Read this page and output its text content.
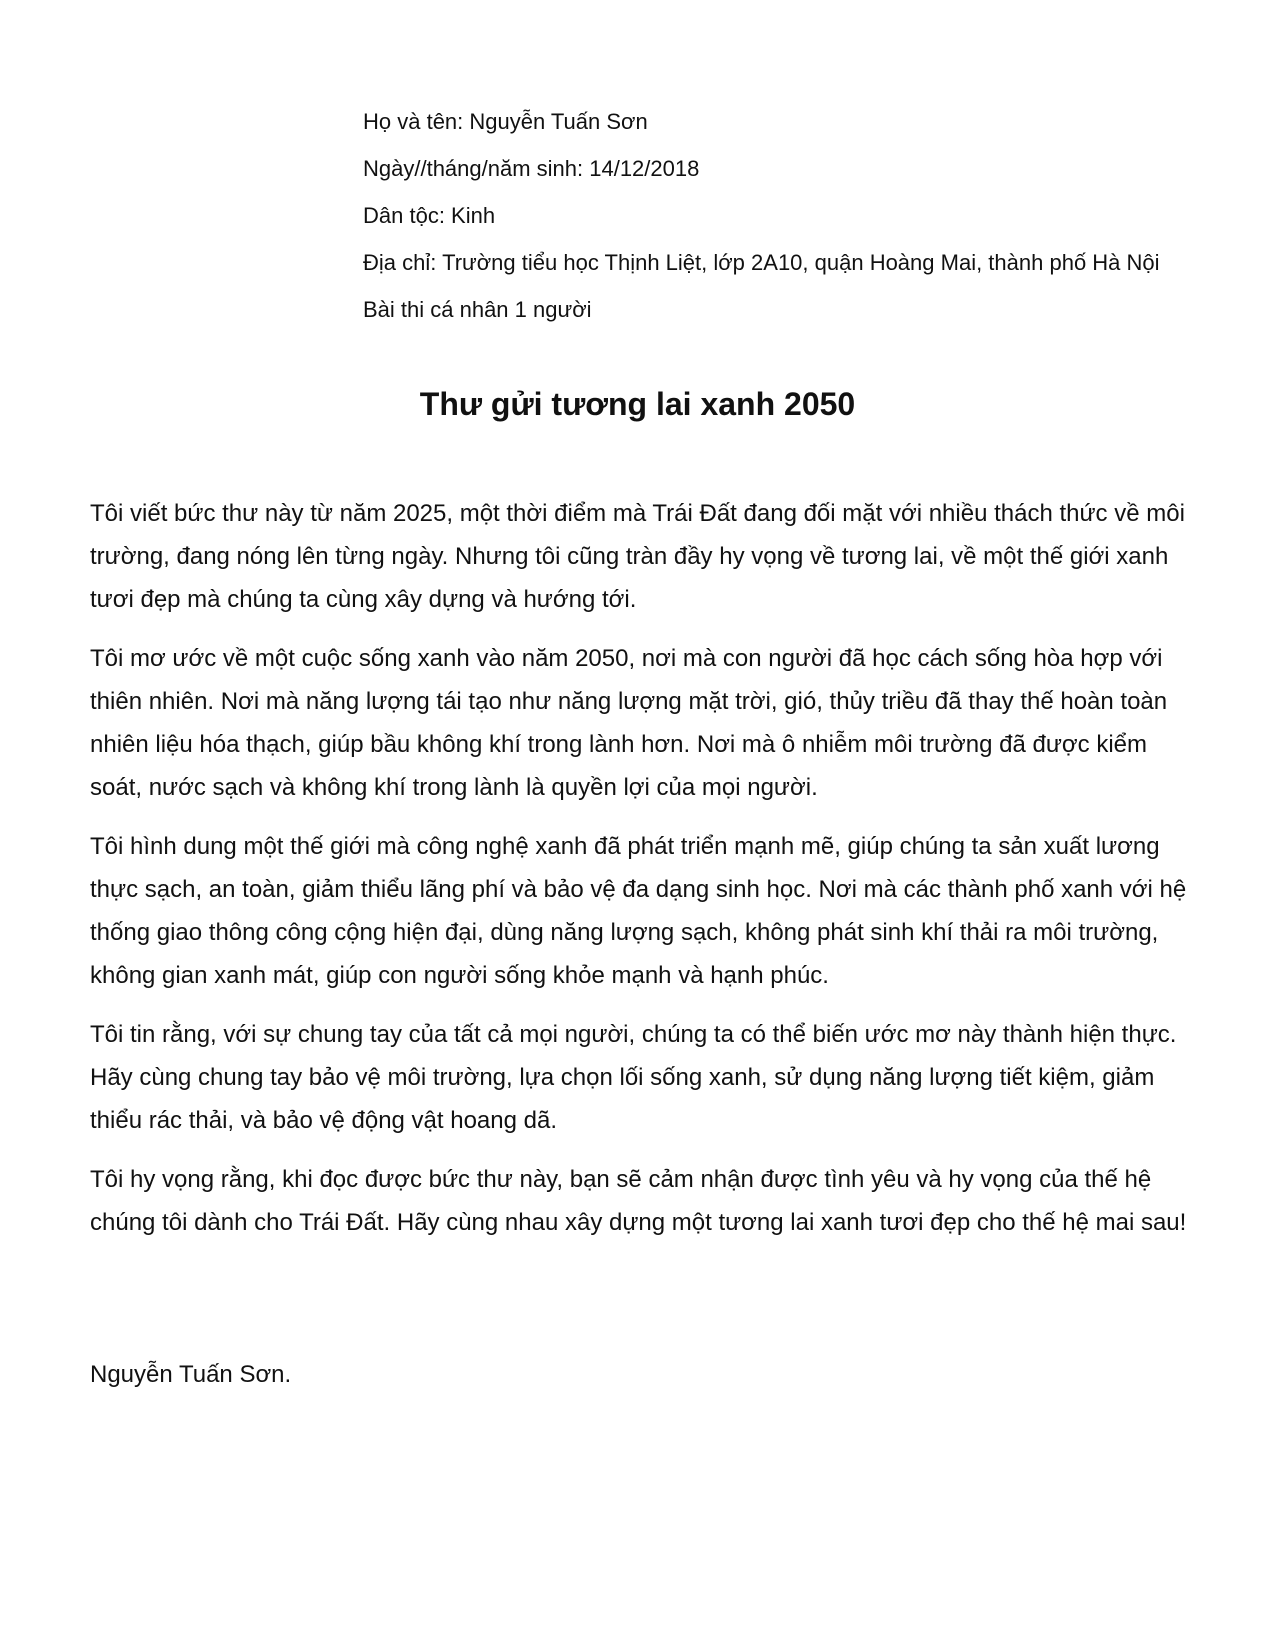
Họ và tên: Nguyễn Tuấn Sơn

Ngày//tháng/năm sinh: 14/12/2018

Dân tộc: Kinh

Địa chỉ: Trường tiểu học Thịnh Liệt, lớp 2A10, quận Hoàng Mai, thành phố Hà Nội

Bài thi cá nhân 1 người

Thư gửi tương lai xanh 2050

Tôi viết bức thư này từ năm 2025, một thời điểm mà Trái Đất đang đối mặt với nhiều thách thức về môi trường, đang nóng lên từng ngày. Nhưng tôi cũng tràn đầy hy vọng về tương lai, về một thế giới xanh tươi đẹp mà chúng ta cùng xây dựng và hướng tới.

Tôi mơ ước về một cuộc sống xanh vào năm 2050, nơi mà con người đã học cách sống hòa hợp với thiên nhiên. Nơi mà năng lượng tái tạo như năng lượng mặt trời, gió, thủy triều đã thay thế hoàn toàn nhiên liệu hóa thạch, giúp bầu không khí trong lành hơn. Nơi mà ô nhiễm môi trường đã được kiểm soát, nước sạch và không khí trong lành là quyền lợi của mọi người.

Tôi hình dung một thế giới mà công nghệ xanh đã phát triển mạnh mẽ, giúp chúng ta sản xuất lương thực sạch, an toàn, giảm thiểu lãng phí và bảo vệ đa dạng sinh học. Nơi mà các thành phố xanh với hệ thống giao thông công cộng hiện đại, dùng năng lượng sạch, không phát sinh khí thải ra môi trường, không gian xanh mát, giúp con người sống khỏe mạnh và hạnh phúc.

Tôi tin rằng, với sự chung tay của tất cả mọi người, chúng ta có thể biến ước mơ này thành hiện thực. Hãy cùng chung tay bảo vệ môi trường, lựa chọn lối sống xanh, sử dụng năng lượng tiết kiệm, giảm thiểu rác thải, và bảo vệ động vật hoang dã.

Tôi hy vọng rằng, khi đọc được bức thư này, bạn sẽ cảm nhận được tình yêu và hy vọng của thế hệ chúng tôi dành cho Trái Đất. Hãy cùng nhau xây dựng một tương lai xanh tươi đẹp cho thế hệ mai sau!

Nguyễn Tuấn Sơn.
